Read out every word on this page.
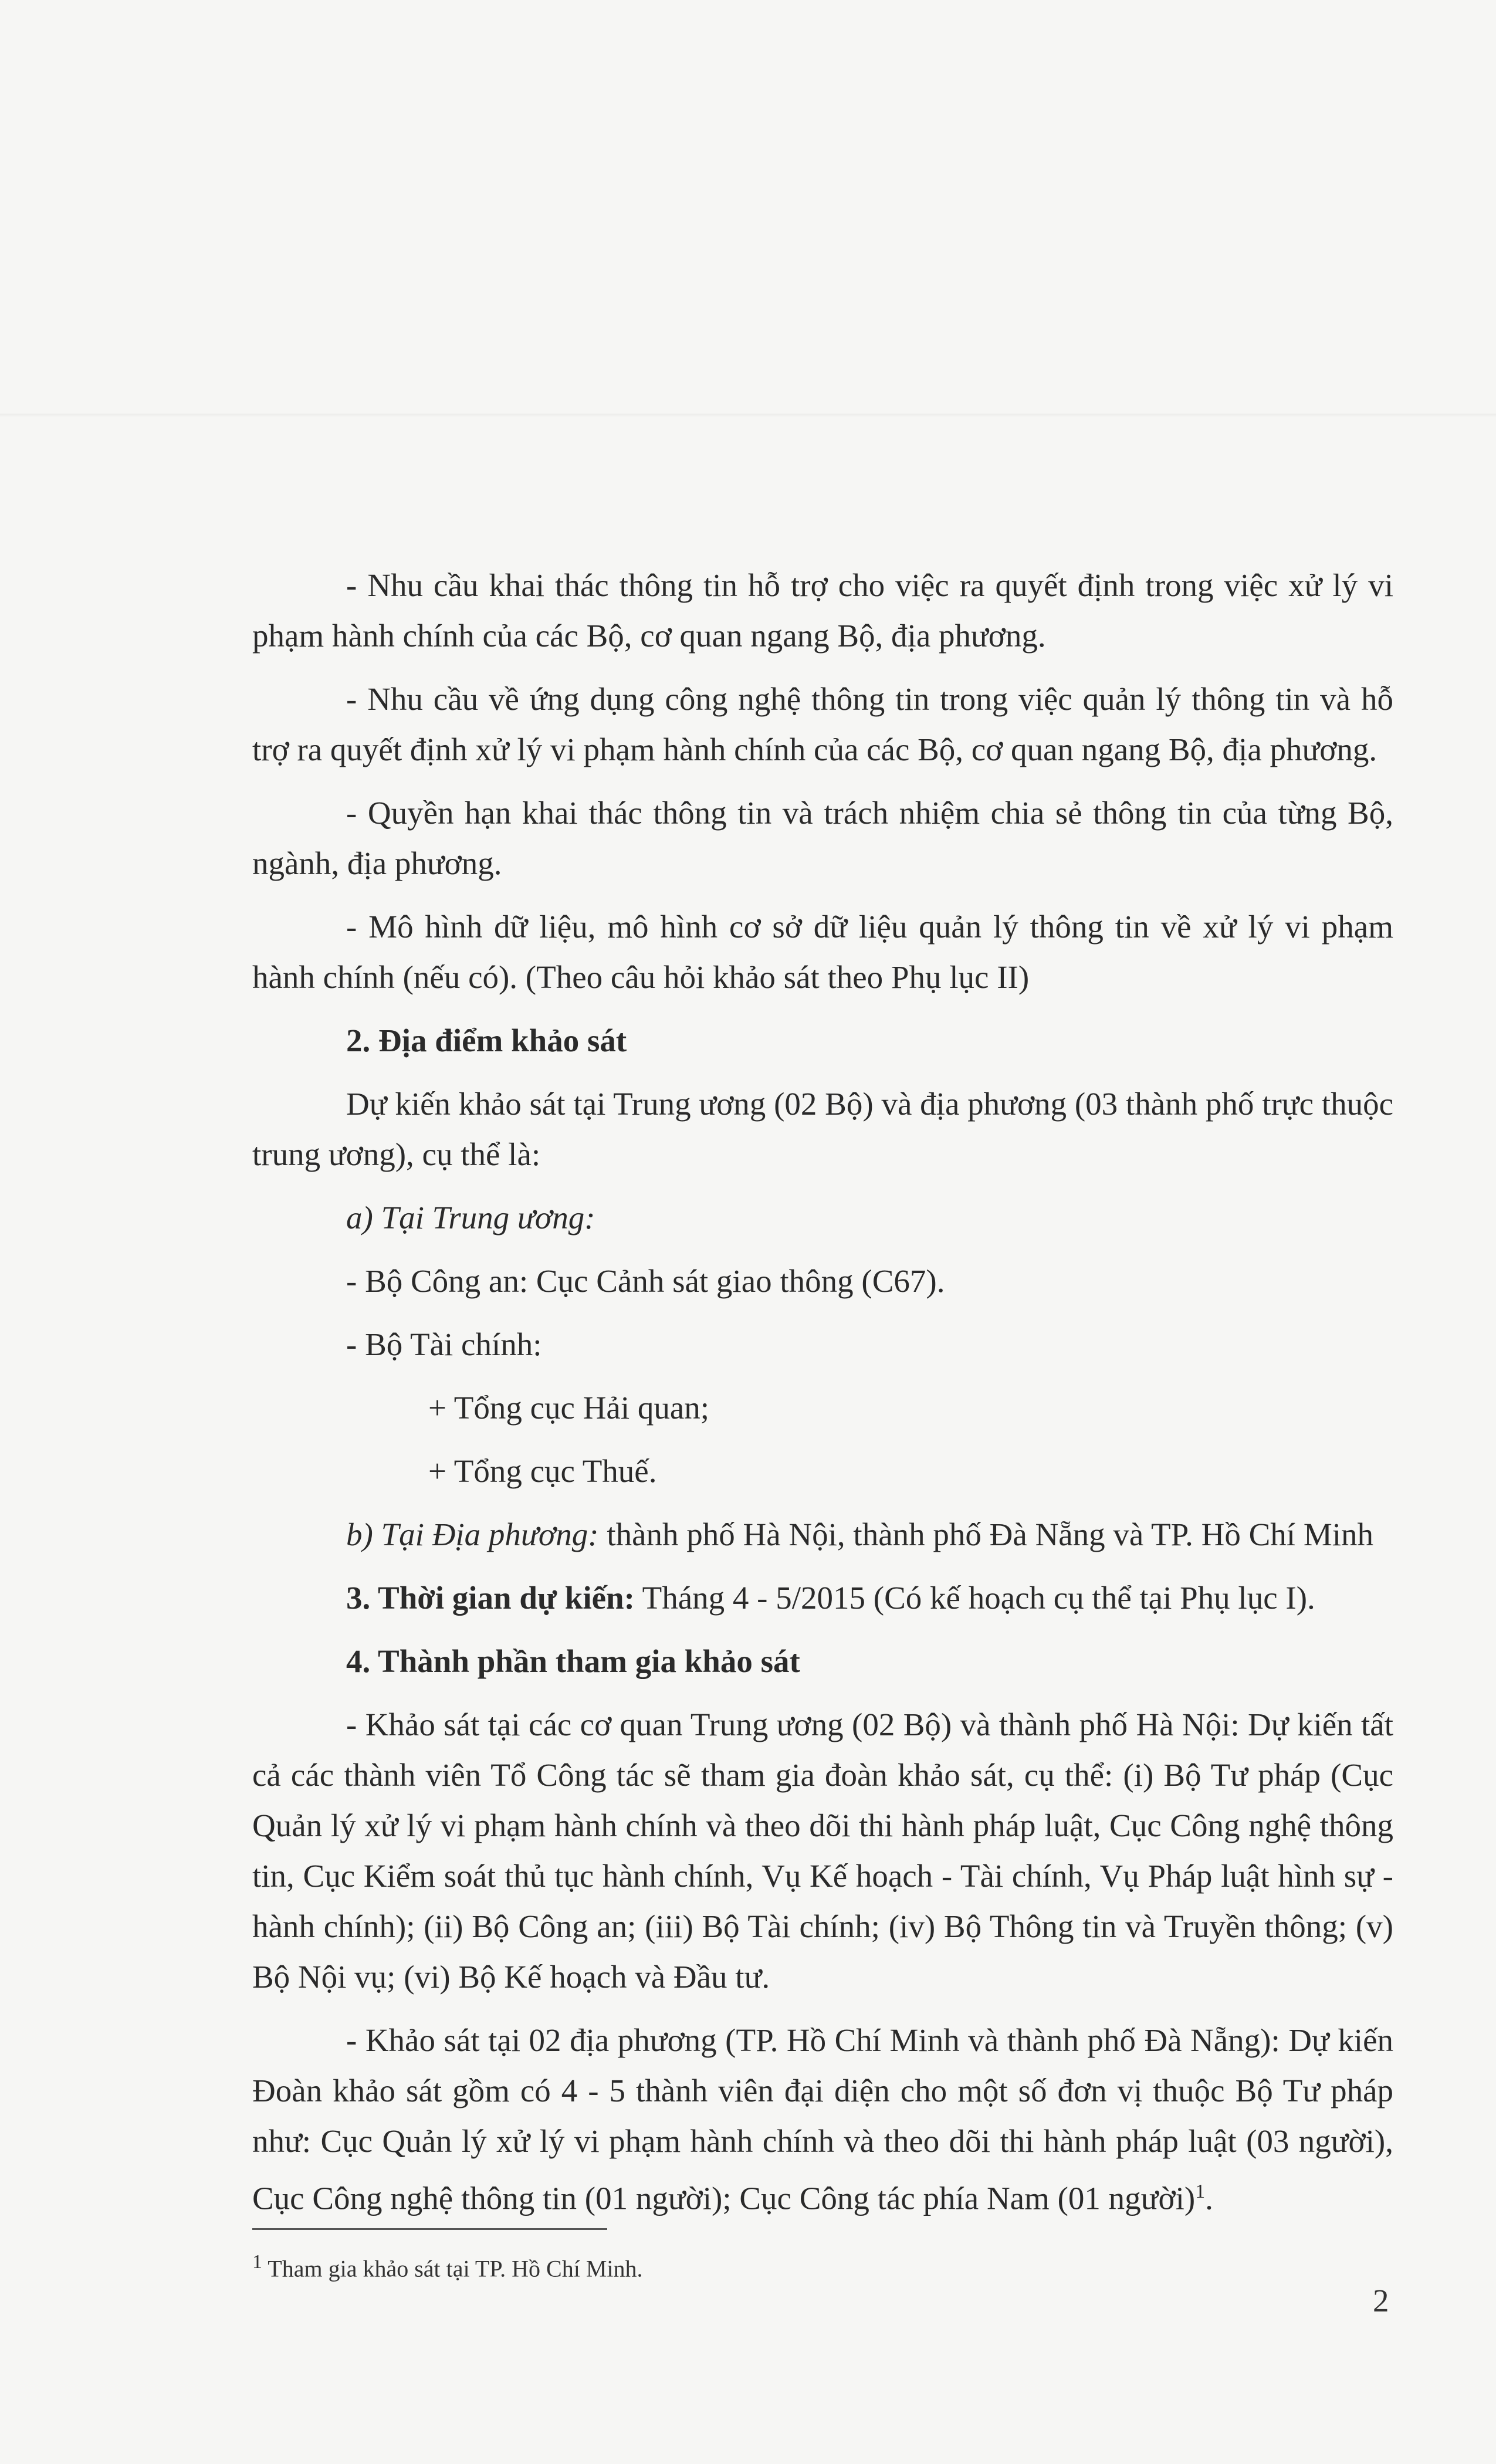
- Nhu cầu khai thác thông tin hỗ trợ cho việc ra quyết định trong việc xử lý vi phạm hành chính của các Bộ, cơ quan ngang Bộ, địa phương.

- Nhu cầu về ứng dụng công nghệ thông tin trong việc quản lý thông tin và hỗ trợ ra quyết định xử lý vi phạm hành chính của các Bộ, cơ quan ngang Bộ, địa phương.

- Quyền hạn khai thác thông tin và trách nhiệm chia sẻ thông tin của từng Bộ, ngành, địa phương.

- Mô hình dữ liệu, mô hình cơ sở dữ liệu quản lý thông tin về xử lý vi phạm hành chính (nếu có). (Theo câu hỏi khảo sát theo Phụ lục II)

2. Địa điểm khảo sát

Dự kiến khảo sát tại Trung ương (02 Bộ) và địa phương (03 thành phố trực thuộc trung ương), cụ thể là:

a) Tại Trung ương:

- Bộ Công an: Cục Cảnh sát giao thông (C67).

- Bộ Tài chính:

+ Tổng cục Hải quan;

+ Tổng cục Thuế.

b) Tại Địa phương: thành phố Hà Nội, thành phố Đà Nẵng và TP. Hồ Chí Minh

3. Thời gian dự kiến: Tháng 4 - 5/2015 (Có kế hoạch cụ thể tại Phụ lục I).

4. Thành phần tham gia khảo sát

- Khảo sát tại các cơ quan Trung ương (02 Bộ) và thành phố Hà Nội: Dự kiến tất cả các thành viên Tổ Công tác sẽ tham gia đoàn khảo sát, cụ thể: (i) Bộ Tư pháp (Cục Quản lý xử lý vi phạm hành chính và theo dõi thi hành pháp luật, Cục Công nghệ thông tin, Cục Kiểm soát thủ tục hành chính, Vụ Kế hoạch - Tài chính, Vụ Pháp luật hình sự - hành chính); (ii) Bộ Công an; (iii) Bộ Tài chính; (iv) Bộ Thông tin và Truyền thông; (v) Bộ Nội vụ; (vi) Bộ Kế hoạch và Đầu tư.

- Khảo sát tại 02 địa phương (TP. Hồ Chí Minh và thành phố Đà Nẵng): Dự kiến Đoàn khảo sát gồm có 4 - 5 thành viên đại diện cho một số đơn vị thuộc Bộ Tư pháp như: Cục Quản lý xử lý vi phạm hành chính và theo dõi thi hành pháp luật (03 người), Cục Công nghệ thông tin (01 người); Cục Công tác phía Nam (01 người)$^1$.

$^1$ Tham gia khảo sát tại TP. Hồ Chí Minh.
2
